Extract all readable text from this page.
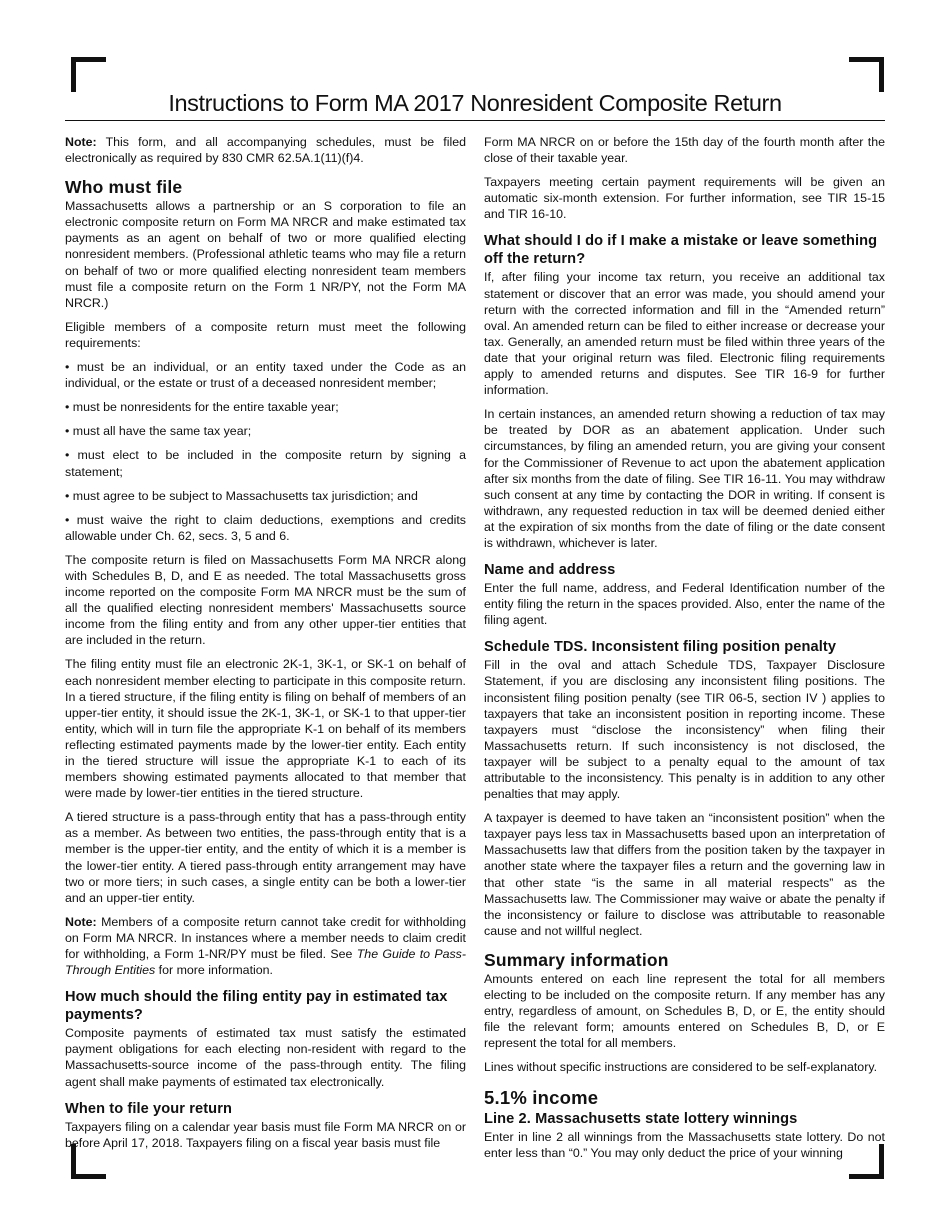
Instructions to Form MA 2017 Nonresident Composite Return

Note: This form, and all accompanying schedules, must be filed electronically as required by 830 CMR 62.5A.1(11)(f)4.

Who must file

Massachusetts allows a partnership or an S corporation to file an electronic composite return on Form MA NRCR and make estimated tax payments as an agent on behalf of two or more qualified electing nonresident members. (Professional athletic teams who may file a return on behalf of two or more qualified electing nonresident team members must file a composite return on the Form 1 NR/PY, not the Form MA NRCR.)

Eligible members of a composite return must meet the following requirements:

• must be an individual, or an entity taxed under the Code as an individual, or the estate or trust of a deceased nonresident member;
• must be nonresidents for the entire taxable year;
• must all have the same tax year;
• must elect to be included in the composite return by signing a statement;
• must agree to be subject to Massachusetts tax jurisdiction; and
• must waive the right to claim deductions, exemptions and credits allowable under Ch. 62, secs. 3, 5 and 6.

The composite return is filed on Massachusetts Form MA NRCR along with Schedules B, D, and E as needed. The total Massachusetts gross income reported on the composite Form MA NRCR must be the sum of all the qualified electing nonresident members' Massachusetts source income from the filing entity and from any other upper-tier entities that are included in the return.

The filing entity must file an electronic 2K-1, 3K-1, or SK-1 on behalf of each nonresident member electing to participate in this composite return. In a tiered structure, if the filing entity is filing on behalf of members of an upper-tier entity, it should issue the 2K-1, 3K-1, or SK-1 to that upper-tier entity, which will in turn file the appropriate K-1 on behalf of its members reflecting estimated payments made by the lower-tier entity. Each entity in the tiered structure will issue the appropriate K-1 to each of its members showing estimated payments allocated to that member that were made by lower-tier entities in the tiered structure.

A tiered structure is a pass-through entity that has a pass-through entity as a member. As between two entities, the pass-through entity that is a member is the upper-tier entity, and the entity of which it is a member is the lower-tier entity. A tiered pass-through entity arrangement may have two or more tiers; in such cases, a single entity can be both a lower-tier and an upper-tier entity.

Note: Members of a composite return cannot take credit for withholding on Form MA NRCR. In instances where a member needs to claim credit for withholding, a Form 1-NR/PY must be filed. See The Guide to Pass-Through Entities for more information.

How much should the filing entity pay in estimated tax payments?

Composite payments of estimated tax must satisfy the estimated payment obligations for each electing non-resident with regard to the Massachusetts-source income of the pass-through entity. The filing agent shall make payments of estimated tax electronically.

When to file your return

Taxpayers filing on a calendar year basis must file Form MA NRCR on or before April 17, 2018. Taxpayers filing on a fiscal year basis must file

Form MA NRCR on or before the 15th day of the fourth month after the close of their taxable year.

Taxpayers meeting certain payment requirements will be given an automatic six-month extension. For further information, see TIR 15-15 and TIR 16-10.

What should I do if I make a mistake or leave something off the return?

If, after filing your income tax return, you receive an additional tax statement or discover that an error was made, you should amend your return with the corrected information and fill in the “Amended return” oval. An amended return can be filed to either increase or decrease your tax. Generally, an amended return must be filed within three years of the date that your original return was filed. Electronic filing requirements apply to amended returns and disputes. See TIR 16-9 for further information.

In certain instances, an amended return showing a reduction of tax may be treated by DOR as an abatement application. Under such circumstances, by filing an amended return, you are giving your consent for the Commissioner of Revenue to act upon the abatement application after six months from the date of filing. See TIR 16-11. You may withdraw such consent at any time by contacting the DOR in writing. If consent is withdrawn, any requested reduction in tax will be deemed denied either at the expiration of six months from the date of filing or the date consent is withdrawn, whichever is later.

Name and address

Enter the full name, address, and Federal Identification number of the entity filing the return in the spaces provided. Also, enter the name of the filing agent.

Schedule TDS. Inconsistent filing position penalty

Fill in the oval and attach Schedule TDS, Taxpayer Disclosure Statement, if you are disclosing any inconsistent filing positions. The inconsistent filing position penalty (see TIR 06-5, section IV ) applies to taxpayers that take an inconsistent position in reporting income. These taxpayers must “disclose the inconsistency” when filing their Massachusetts return. If such inconsistency is not disclosed, the taxpayer will be subject to a penalty equal to the amount of tax attributable to the inconsistency. This penalty is in addition to any other penalties that may apply.

A taxpayer is deemed to have taken an “inconsistent position” when the taxpayer pays less tax in Massachusetts based upon an interpretation of Massachusetts law that differs from the position taken by the taxpayer in another state where the taxpayer files a return and the governing law in that other state “is the same in all material respects” as the Massachusetts law. The Commissioner may waive or abate the penalty if the inconsistency or failure to disclose was attributable to reasonable cause and not willful neglect.

Summary information

Amounts entered on each line represent the total for all members electing to be included on the composite return. If any member has any entry, regardless of amount, on Schedules B, D, or E, the entity should file the relevant form; amounts entered on Schedules B, D, or E represent the total for all members.

Lines without specific instructions are considered to be self-explanatory.

5.1% income
Line 2. Massachusetts state lottery winnings

Enter in line 2 all winnings from the Massachusetts state lottery. Do not enter less than “0.” You may only deduct the price of your winning
